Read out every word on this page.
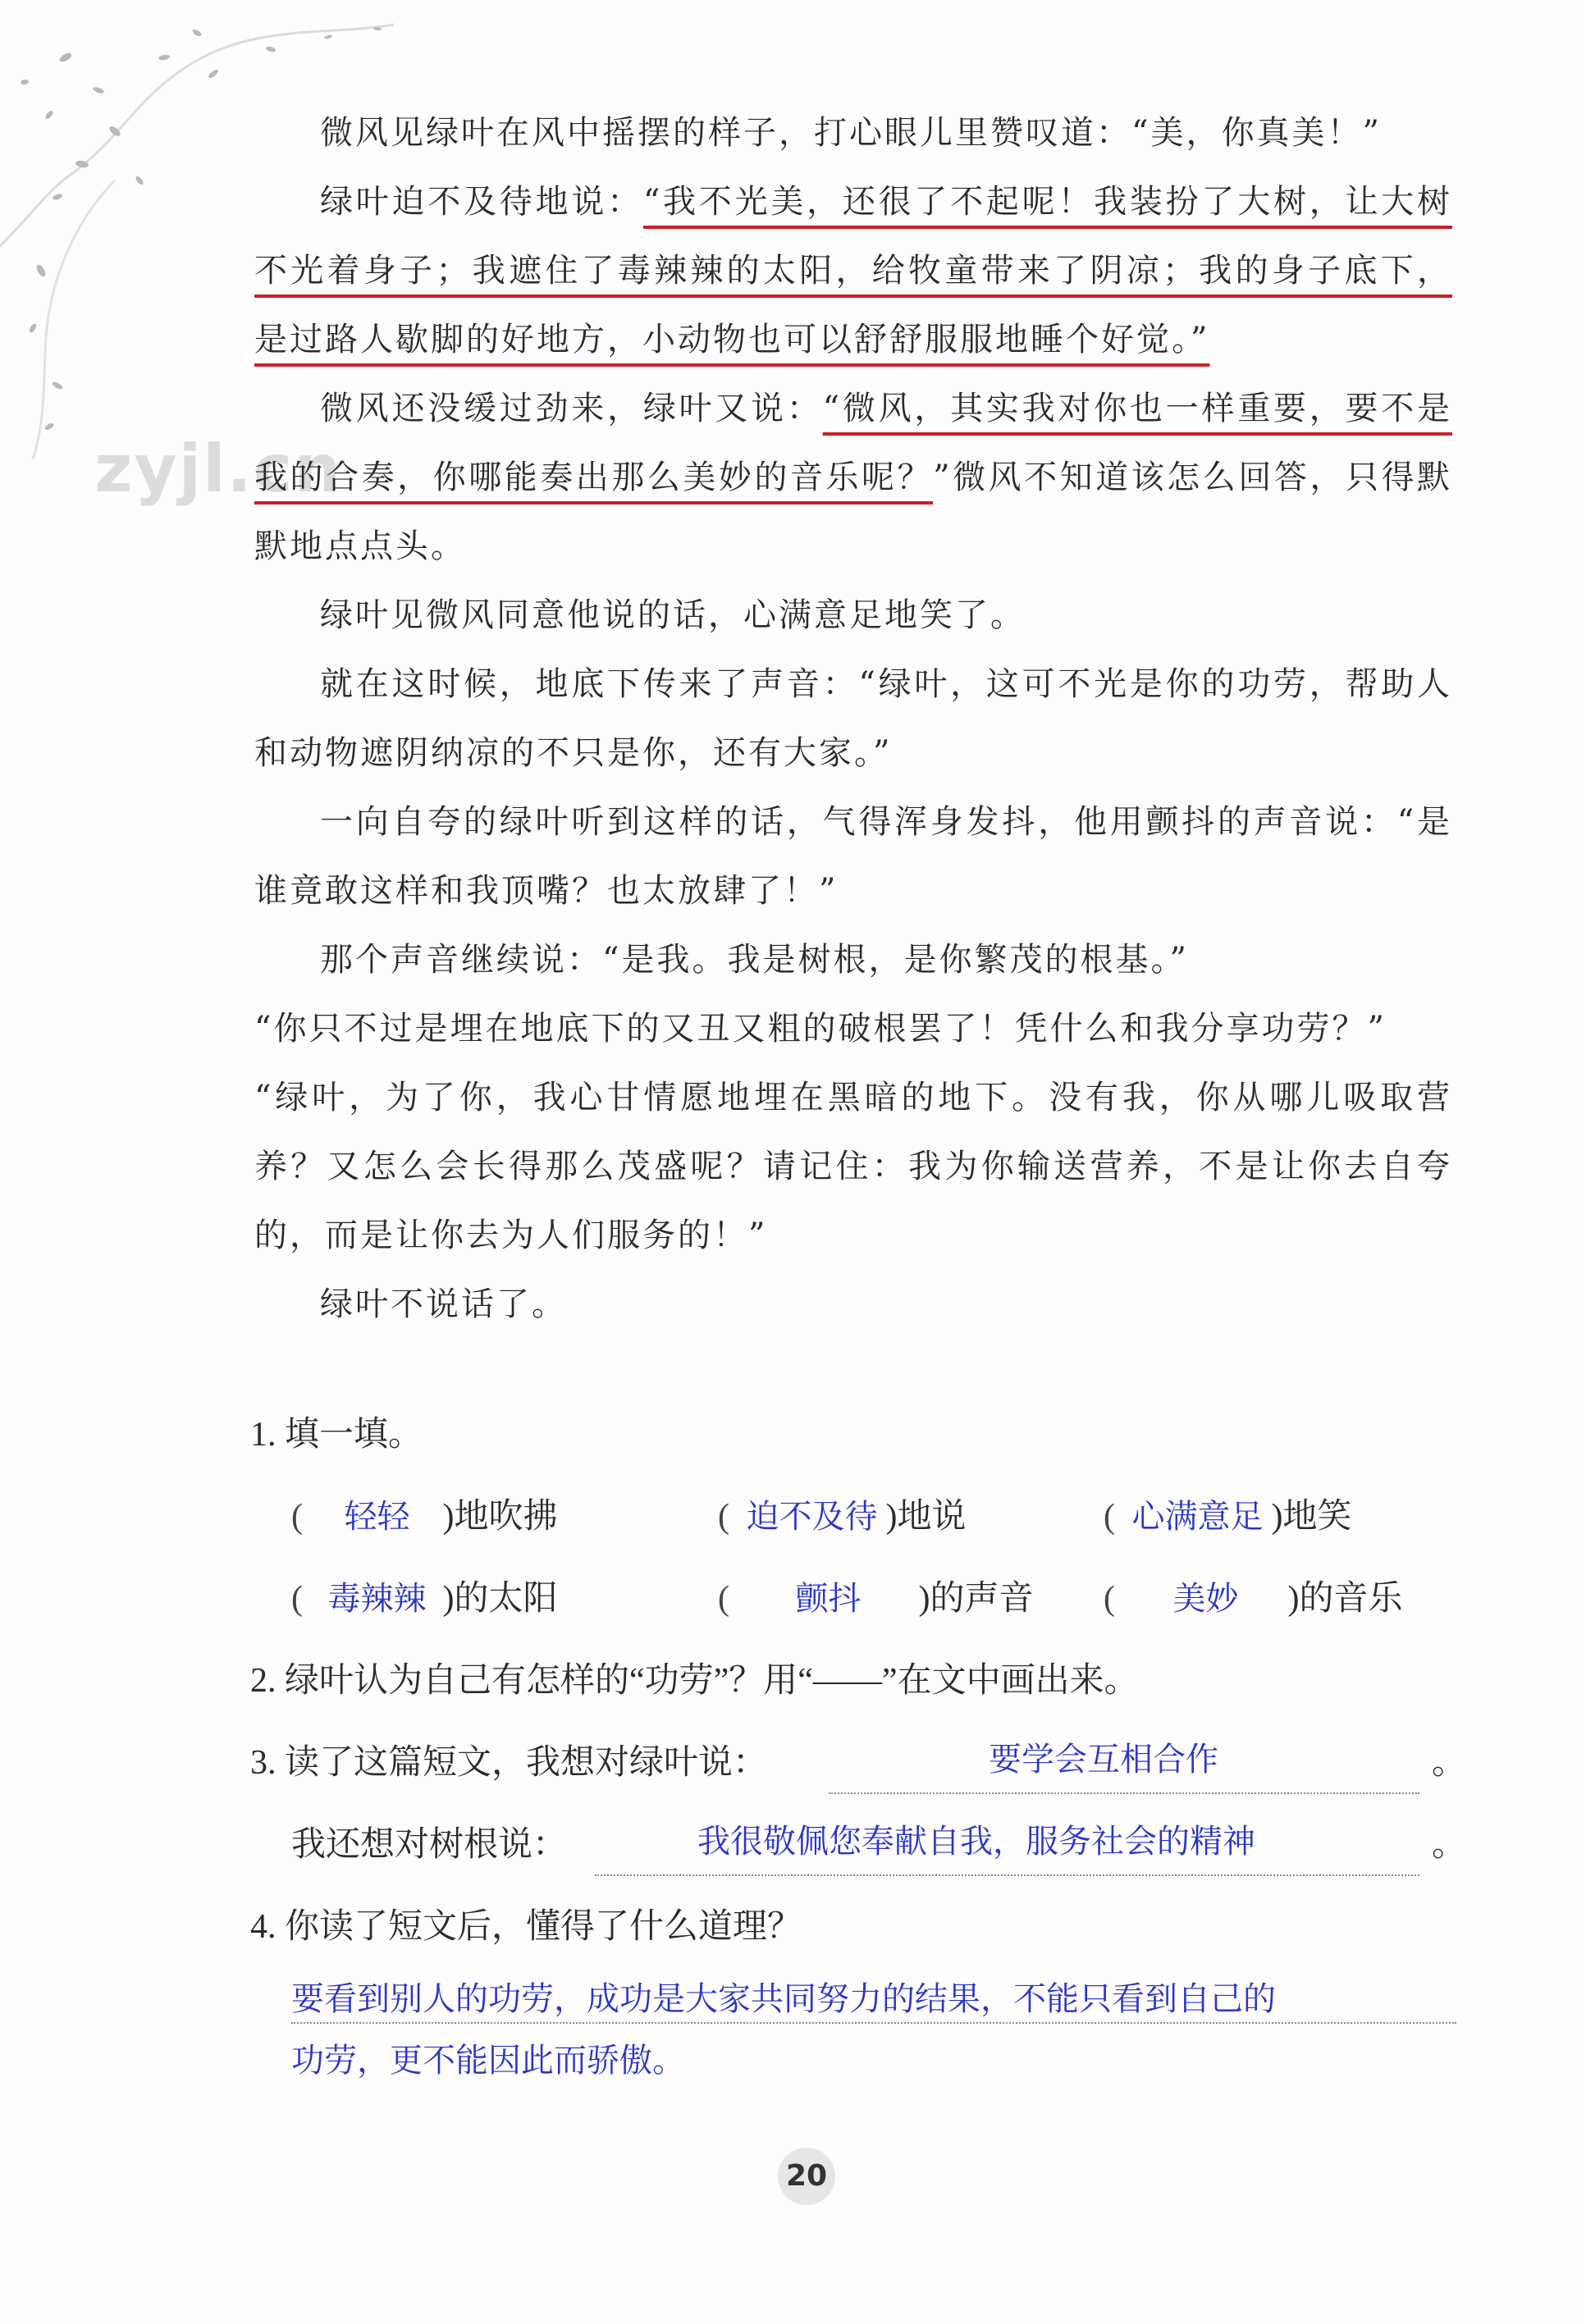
zyjl.cn

微风见绿叶在风中摇摆的样子，打心眼儿里赞叹道：“美，你真美！”

绿叶迫不及待地说：“我不光美，还很了不起呢！我装扮了大树，让大树不光着身子；我遮住了毒辣辣的太阳，给牧童带来了阴凉；我的身子底下，是过路人歇脚的好地方，小动物也可以舒舒服服地睡个好觉。”

微风还没缓过劲来，绿叶又说：“微风，其实我对你也一样重要，要不是我的合奏，你哪能奏出那么美妙的音乐呢？”微风不知道该怎么回答，只得默默地点点头。

绿叶见微风同意他说的话，心满意足地笑了。

就在这时候，地底下传来了声音：“绿叶，这可不光是你的功劳，帮助人和动物遮阴纳凉的不只是你，还有大家。”

一向自夸的绿叶听到这样的话，气得浑身发抖，他用颤抖的声音说：“是谁竟敢这样和我顶嘴？也太放肆了！”

那个声音继续说：“是我。我是树根，是你繁茂的根基。”

“你只不过是埋在地底下的又丑又粗的破根罢了！凭什么和我分享功劳？”

“绿叶，为了你，我心甘情愿地埋在黑暗的地下。没有我，你从哪儿吸取营养？又怎么会长得那么茂盛呢？请记住：我为你输送营养，不是让你去自夸的，而是让你去为人们服务的！”

绿叶不说话了。

1. 填一填。
( 轻轻 )地吹拂	( 迫不及待 )地说	( 心满意足 )地笑
( 毒辣辣 )的太阳	( 颤抖 )的声音 ( 美妙 )的音乐
2. 绿叶认为自己有怎样的“功劳”？用“——”在文中画出来。
3. 读了这篇短文，我想对绿叶说：	要学会互相合作	。
我还想对树根说：	我很敬佩您奉献自我，服务社会的精神	。
4. 你读了短文后，懂得了什么道理？
要看到别人的功劳，成功是大家共同努力的结果，不能只看到自己的
功劳，更不能因此而骄傲。
20
